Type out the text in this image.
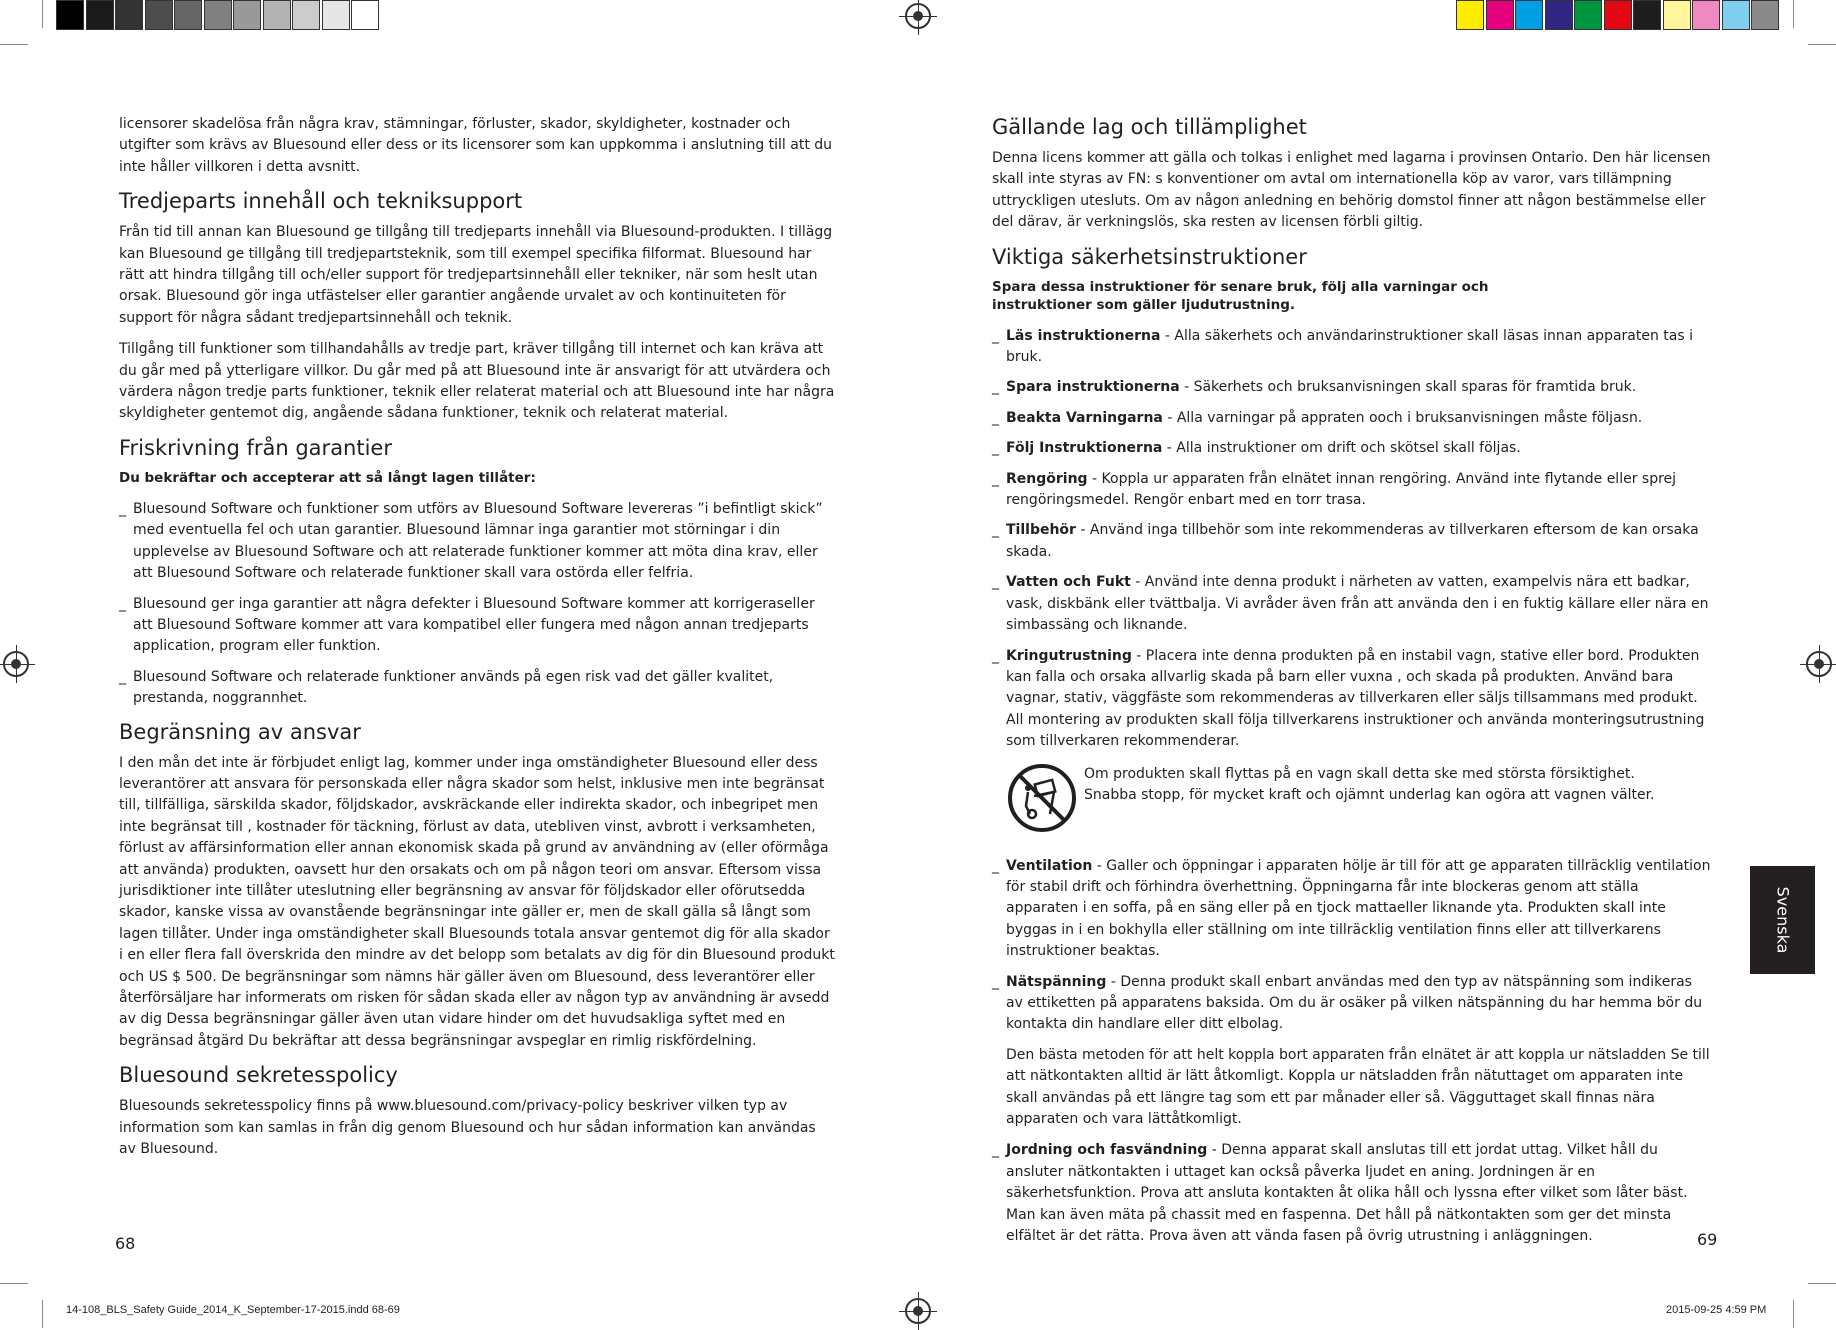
licensorer skadelösa från några krav, stämningar, förluster, skador, skyldigheter, kostnader och utgifter som krävs av Bluesound eller dess or its licensorer som kan uppkomma i anslutning till att du inte håller villkoren i detta avsnitt.

Tredjeparts innehåll och tekniksupport

Från tid till annan kan Bluesound ge tillgång till tredjeparts innehåll via Bluesound-produkten. I tillägg kan Bluesound ge tillgång till tredjepartsteknik, som till exempel specifika filformat. Bluesound har rätt att hindra tillgång till och/eller support för tredjepartsinnehåll eller tekniker, när som heslt utan orsak. Bluesound gör inga utfästelser eller garantier angående urvalet av och kontinuiteten för support för några sådant tredjepartsinnehåll och teknik.

Tillgång till funktioner som tillhandahålls av tredje part, kräver tillgång till internet och kan kräva att du går med på ytterligare villkor. Du går med på att Bluesound inte är ansvarigt för att utvärdera och värdera någon tredje parts funktioner, teknik eller relaterat material och att Bluesound inte har några skyldigheter gentemot dig, angående sådana funktioner, teknik och relaterat material.

Friskrivning från garantier
Du bekräftar och accepterar att så långt lagen tillåter:
_ Bluesound Software och funktioner som utförs av Bluesound Software levereras ”i befintligt skick” med eventuella fel och utan garantier. Bluesound lämnar inga garantier mot störningar i din upplevelse av Bluesound Software och att relaterade funktioner kommer att möta dina krav, eller att Bluesound Software och relaterade funktioner skall vara ostörda eller felfria.
_ Bluesound ger inga garantier att några defekter i Bluesound Software kommer att korrigeraseller att Bluesound Software kommer att vara kompatibel eller fungera med någon annan tredjeparts application, program eller funktion.
_ Bluesound Software och relaterade funktioner används på egen risk vad det gäller kvalitet, prestanda, noggrannhet.
Begränsning av ansvar

I den mån det inte är förbjudet enligt lag, kommer under inga omständigheter Bluesound eller dess leverantörer att ansvara för personskada eller några skador som helst, inklusive men inte begränsat till, tillfälliga, särskilda skador, följdskador, avskräckande eller indirekta skador, och inbegripet men inte begränsat till , kostnader för täckning, förlust av data, utebliven vinst, avbrott i verksamheten, förlust av affärsinformation eller annan ekonomisk skada på grund av användning av (eller oförmåga att använda) produkten, oavsett hur den orsakats och om på någon teori om ansvar. Eftersom vissa jurisdiktioner inte tillåter uteslutning eller begränsning av ansvar för följdskador eller oförutsedda skador, kanske vissa av ovanstående begränsningar inte gäller er, men de skall gälla så långt som lagen tillåter. Under inga omständigheter skall Bluesounds totala ansvar gentemot dig för alla skador i en eller flera fall överskrida den mindre av det belopp som betalats av dig för din Bluesound produkt och US $ 500. De begränsningar som nämns här gäller även om Bluesound, dess leverantörer eller återförsäljare har informerats om risken för sådan skada eller av någon typ av användning är avsedd av dig Dessa begränsningar gäller även utan vidare hinder om det huvudsakliga syftet med en begränsad åtgärd Du bekräftar att dessa begränsningar avspeglar en rimlig riskfördelning.

Bluesound sekretesspolicy

Bluesounds sekretesspolicy finns på www.bluesound.com/privacy-policy beskriver vilken typ av information som kan samlas in från dig genom Bluesound och hur sådan information kan användas av Bluesound.

68
Gällande lag och tillämplighet

Denna licens kommer att gälla och tolkas i enlighet med lagarna i provinsen Ontario. Den här licensen skall inte styras av FN: s konventioner om avtal om internationella köp av varor, vars tillämpning uttryckligen utesluts. Om av någon anledning en behörig domstol finner att någon bestämmelse eller del därav, är verkningslös, ska resten av licensen förbli giltig.

Viktiga säkerhetsinstruktioner
Spara dessa instruktioner för senare bruk, följ alla varningar och
instruktioner som gäller ljudutrustning.
_ Läs instruktionerna - Alla säkerhets och användarinstruktioner skall läsas innan apparaten tas i bruk.
_ Spara instruktionerna - Säkerhets och bruksanvisningen skall sparas för framtida bruk.
_ Beakta Varningarna - Alla varningar på appraten ooch i bruksanvisningen måste följasn.
_ Följ Instruktionerna - Alla instruktioner om drift och skötsel skall följas.
_ Rengöring - Koppla ur apparaten från elnätet innan rengöring. Använd inte flytande eller sprej rengöringsmedel. Rengör enbart med en torr trasa.
_ Tillbehör - Använd inga tillbehör som inte rekommenderas av tillverkaren eftersom de kan orsaka skada.
_ Vatten och Fukt - Använd inte denna produkt i närheten av vatten, exampelvis nära ett badkar, vask, diskbänk eller tvättbalja. Vi avråder även från att använda den i en fuktig källare eller nära en simbassäng och liknande.
_ Kringutrustning - Placera inte denna produkten på en instabil vagn, stative eller bord. Produkten kan falla och orsaka allvarlig skada på barn eller vuxna , och skada på produkten. Använd bara vagnar, stativ, väggfäste som rekommenderas av tillverkaren eller säljs tillsammans med produkt. All montering av produkten skall följa tillverkarens instruktioner och använda monteringsutrustning som tillverkaren rekommenderar.
Om produkten skall flyttas på en vagn skall detta ske med största försiktighet.
Snabba stopp, för mycket kraft och ojämnt underlag kan ogöra att vagnen välter.
_ Ventilation - Galler och öppningar i apparaten hölje är till för att ge apparaten tillräcklig ventilation för stabil drift och förhindra överhettning. Öppningarna får inte blockeras genom att ställa apparaten i en soffa, på en säng eller på en tjock mattaeller liknande yta. Produkten skall inte byggas in i en bokhylla eller ställning om inte tillräcklig ventilation finns eller att tillverkarens instruktioner beaktas.
_ Nätspänning - Denna produkt skall enbart användas med den typ av nätspänning som indikeras av ettiketten på apparatens baksida. Om du är osäker på vilken nätspänning du har hemma bör du kontakta din handlare eller ditt elbolag.

Den bästa metoden för att helt koppla bort apparaten från elnätet är att koppla ur nätsladden Se till att nätkontakten alltid är lätt åtkomligt. Koppla ur nätsladden från nätuttaget om apparaten inte skall användas på ett längre tag som ett par månader eller så. Vägguttaget skall finnas nära apparaten och vara lättåtkomligt.

_ Jordning och fasvändning - Denna apparat skall anslutas till ett jordat uttag. Vilket håll du ansluter nätkontakten i uttaget kan också påverka ljudet en aning. Jordningen är en säkerhetsfunktion. Prova att ansluta kontakten åt olika håll och lyssna efter vilket som låter bäst. Man kan även mäta på chassit med en faspenna. Det håll på nätkontakten som ger det minsta elfältet är det rätta. Prova även att vända fasen på övrig utrustning i anläggningen.	69
Svenska
14-108_BLS_Safety Guide_2014_K_September-17-2015.indd 68-69	2015-09-25 4:59 PM
